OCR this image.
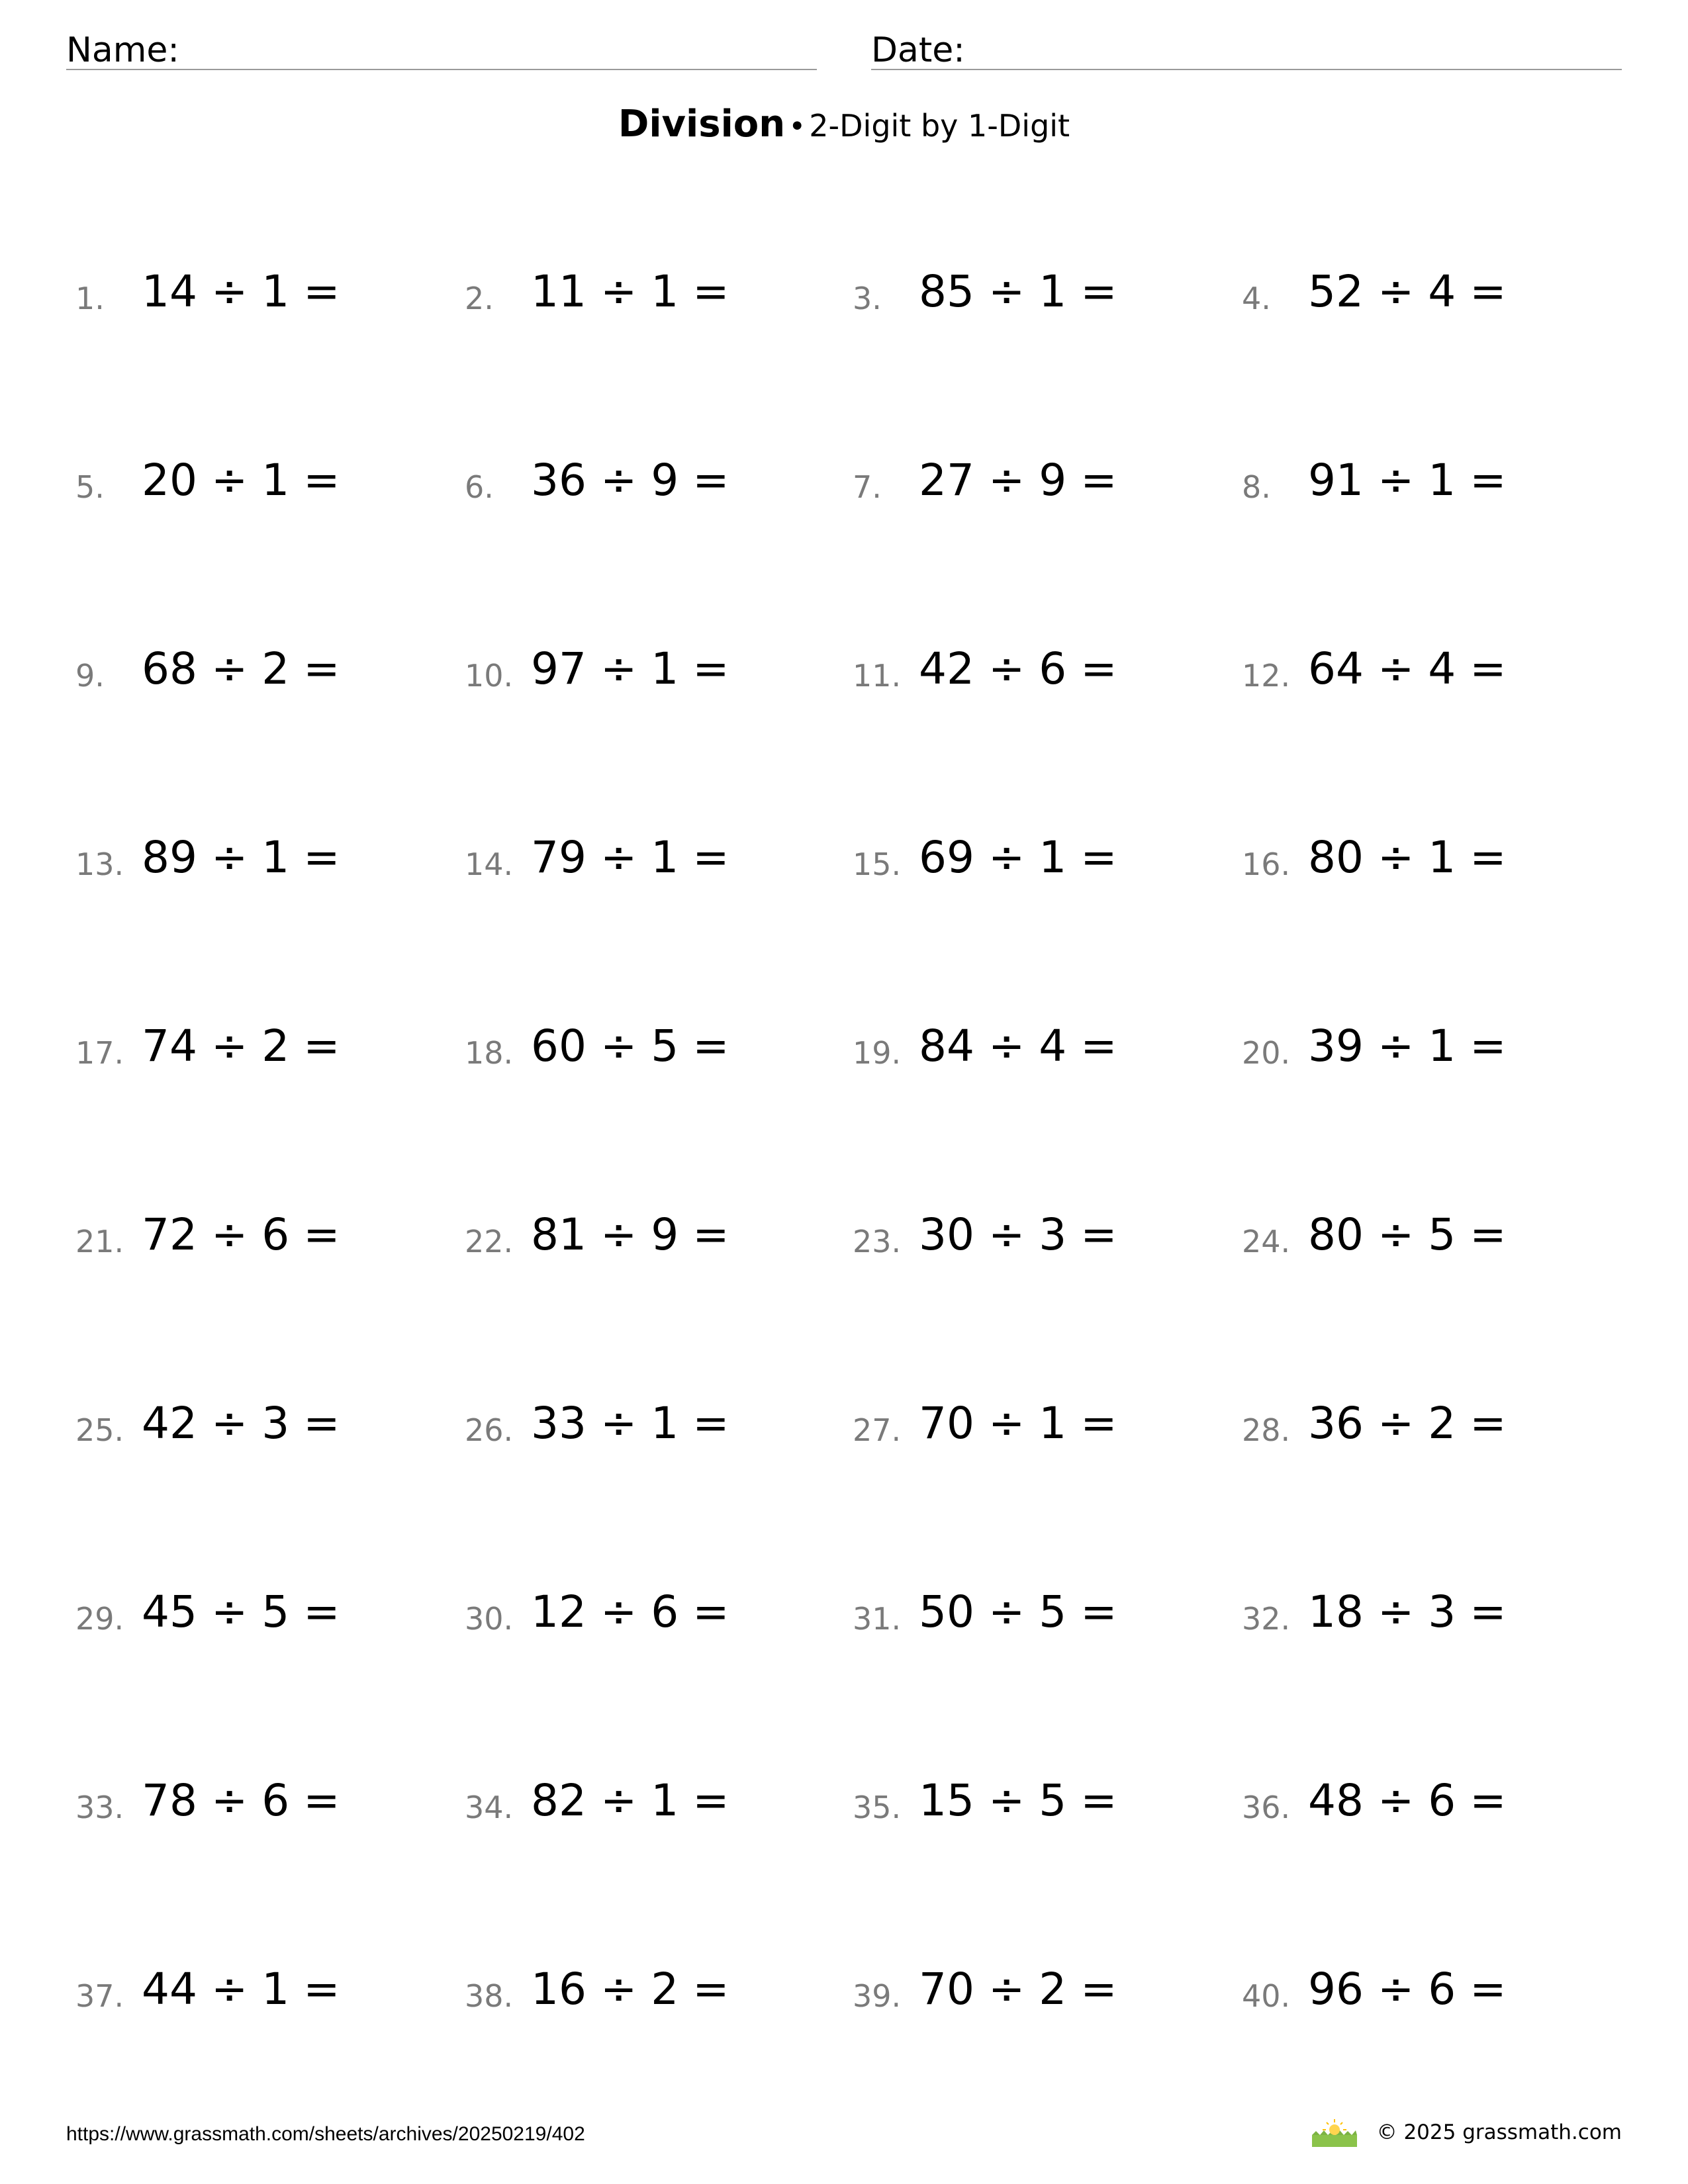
Name:	Date:
Division • 2-Digit by 1-Digit
1. 14 ÷ 1 =	2. 11 ÷ 1 =	3. 85 ÷ 1 =	4. 52 ÷ 4 =
5. 20 ÷ 1 =	6. 36 ÷ 9 =	7. 27 ÷ 9 =	8. 91 ÷ 1 =
9. 68 ÷ 2 =	10. 97 ÷ 1 =	11. 42 ÷ 6 =	12. 64 ÷ 4 =
13. 89 ÷ 1 =	14. 79 ÷ 1 =	15. 69 ÷ 1 =	16. 80 ÷ 1 =
17. 74 ÷ 2 =	18. 60 ÷ 5 =	19. 84 ÷ 4 =	20. 39 ÷ 1 =
21. 72 ÷ 6 =	22. 81 ÷ 9 =	23. 30 ÷ 3 =	24. 80 ÷ 5 =
25. 42 ÷ 3 =	26. 33 ÷ 1 =	27. 70 ÷ 1 =	28. 36 ÷ 2 =
29. 45 ÷ 5 =	30. 12 ÷ 6 =	31. 50 ÷ 5 =	32. 18 ÷ 3 =
33. 78 ÷ 6 =	34. 82 ÷ 1 =	35. 15 ÷ 5 =	36. 48 ÷ 6 =
37. 44 ÷ 1 =	38. 16 ÷ 2 =	39. 70 ÷ 2 =	40. 96 ÷ 6 =
https://www.grassmath.com/sheets/archives/20250219/402	© 2025 grassmath.com
